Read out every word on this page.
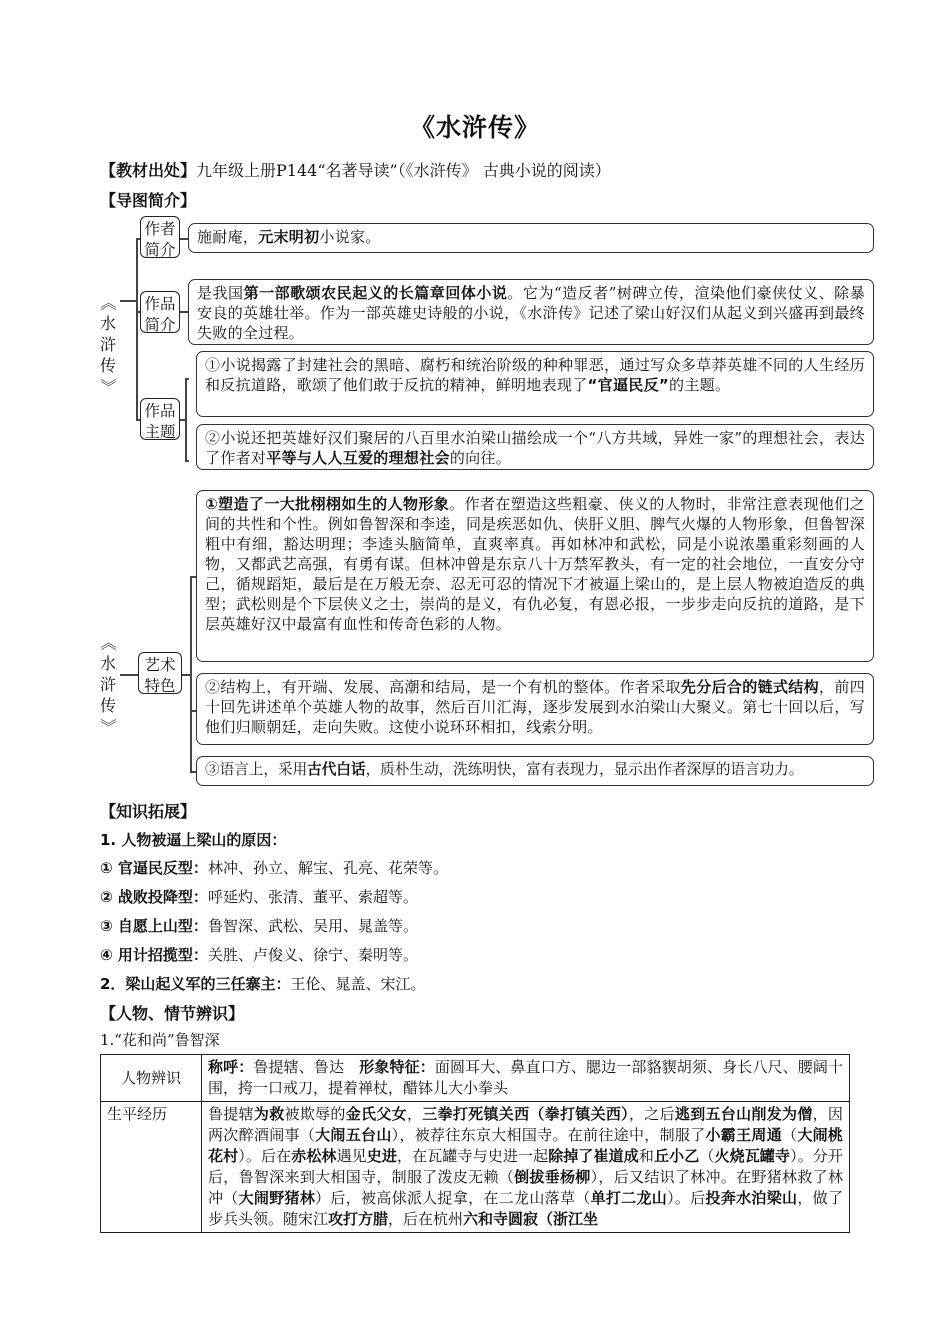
《水浒传》
【教材出处】九年级上册P144“名著导读”（《水浒传》 古典小说的阅读）
【导图简介】
《
水
浒
传
》
作者简介
作品简介
作品主题
施耐庵，元末明初小说家。
是我国第一部歌颂农民起义的长篇章回体小说。它为“造反者”树碑立传，渲染他们豪侠仗义、除暴安良的英雄壮举。作为一部英雄史诗般的小说，《水浒传》记述了梁山好汉们从起义到兴盛再到最终失败的全过程。
①小说揭露了封建社会的黑暗、腐朽和统治阶级的种种罪恶，通过写众多草莽英雄不同的人生经历和反抗道路，歌颂了他们敢于反抗的精神，鲜明地表现了“官逼民反”的主题。
②小说还把英雄好汉们聚居的八百里水泊梁山描绘成一个“八方共域，异姓一家”的理想社会，表达了作者对平等与人人互爱的理想社会的向往。
《
水
浒
传
》
艺术特色
①塑造了一大批栩栩如生的人物形象。作者在塑造这些粗豪、侠义的人物时，非常注意表现他们之间的共性和个性。例如鲁智深和李逵，同是疾恶如仇、侠肝义胆、脾气火爆的人物形象，但鲁智深粗中有细，豁达明理；李逵头脑简单，直爽率真。再如林冲和武松，同是小说浓墨重彩刻画的人物，又都武艺高强，有勇有谋。但林冲曾是东京八十万禁军教头，有一定的社会地位，一直安分守己，循规蹈矩，最后是在万般无奈、忍无可忍的情况下才被逼上梁山的，是上层人物被迫造反的典型；武松则是个下层侠义之士，崇尚的是义，有仇必复，有恩必报，一步步走向反抗的道路，是下层英雄好汉中最富有血性和传奇色彩的人物。
②结构上，有开端、发展、高潮和结局，是一个有机的整体。作者采取先分后合的链式结构，前四十回先讲述单个英雄人物的故事，然后百川汇海，逐步发展到水泊梁山大聚义。第七十回以后，写他们归顺朝廷，走向失败。这使小说环环相扣，线索分明。
③语言上，采用古代白话，质朴生动，洗练明快，富有表现力，显示出作者深厚的语言功力。
【知识拓展】
1. 人物被逼上梁山的原因：
① 官逼民反型：林冲、孙立、解宝、孔亮、花荣等。
② 战败投降型：呼延灼、张清、董平、索超等。
③ 自愿上山型：鲁智深、武松、吴用、晁盖等。
④ 用计招揽型：关胜、卢俊义、徐宁、秦明等。
2．梁山起义军的三任寨主：王伦、晁盖、宋江。
【人物、情节辨识】
1.“花和尚”鲁智深
人物辨识	称呼：鲁提辖、鲁达　形象特征：面圆耳大、鼻直口方、腮边一部貉䝟胡须、身长八尺、腰阔十围，挎一口戒刀，提着禅杖，醋钵儿大小拳头
生平经历	鲁提辖为救被欺辱的金氏父女，三拳打死镇关西（拳打镇关西），之后逃到五台山削发为僧，因两次醉酒闹事（大闹五台山），被荐往东京大相国寺。在前往途中，制服了小霸王周通（大闹桃花村）。后在赤松林遇见史进，在瓦罐寺与史进一起除掉了崔道成和丘小乙（火烧瓦罐寺）。分开后，鲁智深来到大相国寺，制服了泼皮无赖（倒拔垂杨柳），后又结识了林冲。在野猪林救了林冲（大闹野猪林）后，被高俅派人捉拿，在二龙山落草（单打二龙山）。后投奔水泊梁山，做了步兵头领。随宋江攻打方腊，后在杭州六和寺圆寂（浙江坐
